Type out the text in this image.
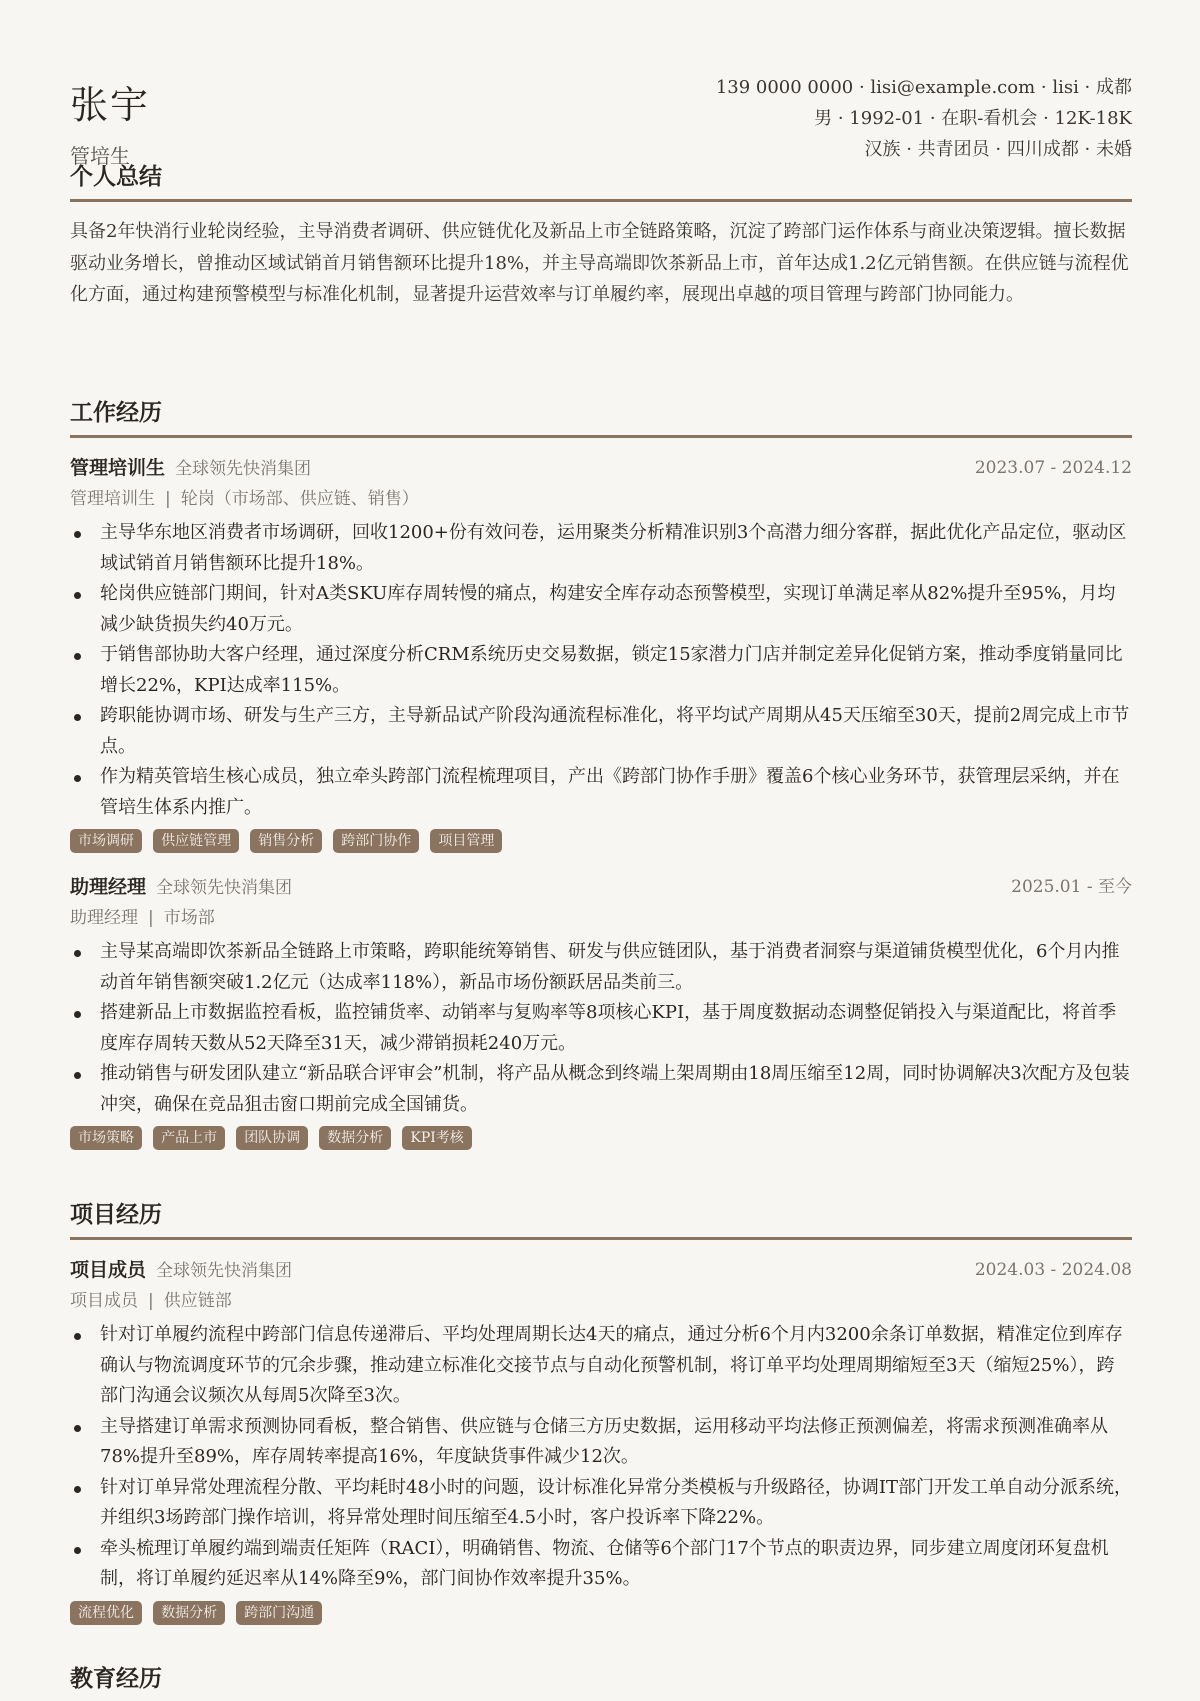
张宇
管培生
139 0000 0000 · lisi@example.com · lisi · 成都
男 · 1992-01 · 在职-看机会 · 12K-18K
汉族 · 共青团员 · 四川成都 · 未婚
个人总结
具备2年快消行业轮岗经验，主导消费者调研、供应链优化及新品上市全链路策略，沉淀了跨部门运作体系与商业决策逻辑。擅长数据驱动业务增长，曾推动区域试销首月销售额环比提升18%，并主导高端即饮茶新品上市，首年达成1.2亿元销售额。在供应链与流程优化方面，通过构建预警模型与标准化机制，显著提升运营效率与订单履约率，展现出卓越的项目管理与跨部门协同能力。
工作经历
管理培训生 全球领先快消集团	2023.07 - 2024.12
管理培训生 | 轮岗（市场部、供应链、销售）
主导华东地区消费者市场调研，回收1200+份有效问卷，运用聚类分析精准识别3个高潜力细分客群，据此优化产品定位，驱动区域试销首月销售额环比提升18%。
轮岗供应链部门期间，针对A类SKU库存周转慢的痛点，构建安全库存动态预警模型，实现订单满足率从82%提升至95%，月均减少缺货损失约40万元。
于销售部协助大客户经理，通过深度分析CRM系统历史交易数据，锁定15家潜力门店并制定差异化促销方案，推动季度销量同比增长22%，KPI达成率115%。
跨职能协调市场、研发与生产三方，主导新品试产阶段沟通流程标准化，将平均试产周期从45天压缩至30天，提前2周完成上市节点。
作为精英管培生核心成员，独立牵头跨部门流程梳理项目，产出《跨部门协作手册》覆盖6个核心业务环节，获管理层采纳，并在管培生体系内推广。
市场调研 供应链管理 销售分析 跨部门协作 项目管理
助理经理 全球领先快消集团	2025.01 - 至今
助理经理 | 市场部
主导某高端即饮茶新品全链路上市策略，跨职能统筹销售、研发与供应链团队，基于消费者洞察与渠道铺货模型优化，6个月内推动首年销售额突破1.2亿元（达成率118%），新品市场份额跃居品类前三。
搭建新品上市数据监控看板，监控铺货率、动销率与复购率等8项核心KPI，基于周度数据动态调整促销投入与渠道配比，将首季度库存周转天数从52天降至31天，减少滞销损耗240万元。
推动销售与研发团队建立“新品联合评审会”机制，将产品从概念到终端上架周期由18周压缩至12周，同时协调解决3次配方及包装冲突，确保在竞品狙击窗口期前完成全国铺货。
市场策略 产品上市 团队协调 数据分析 KPI考核
项目经历
项目成员 全球领先快消集团	2024.03 - 2024.08
项目成员 | 供应链部
针对订单履约流程中跨部门信息传递滞后、平均处理周期长达4天的痛点，通过分析6个月内3200余条订单数据，精准定位到库存确认与物流调度环节的冗余步骤，推动建立标准化交接节点与自动化预警机制，将订单平均处理周期缩短至3天（缩短25%），跨部门沟通会议频次从每周5次降至3次。
主导搭建订单需求预测协同看板，整合销售、供应链与仓储三方历史数据，运用移动平均法修正预测偏差，将需求预测准确率从78%提升至89%，库存周转率提高16%，年度缺货事件减少12次。
针对订单异常处理流程分散、平均耗时48小时的问题，设计标准化异常分类模板与升级路径，协调IT部门开发工单自动分派系统，并组织3场跨部门操作培训，将异常处理时间压缩至4.5小时，客户投诉率下降22%。
牵头梳理订单履约端到端责任矩阵（RACI），明确销售、物流、仓储等6个部门17个节点的职责边界，同步建立周度闭环复盘机制，将订单履约延迟率从14%降至9%，部门间协作效率提升35%。
流程优化 数据分析 跨部门沟通
教育经历
